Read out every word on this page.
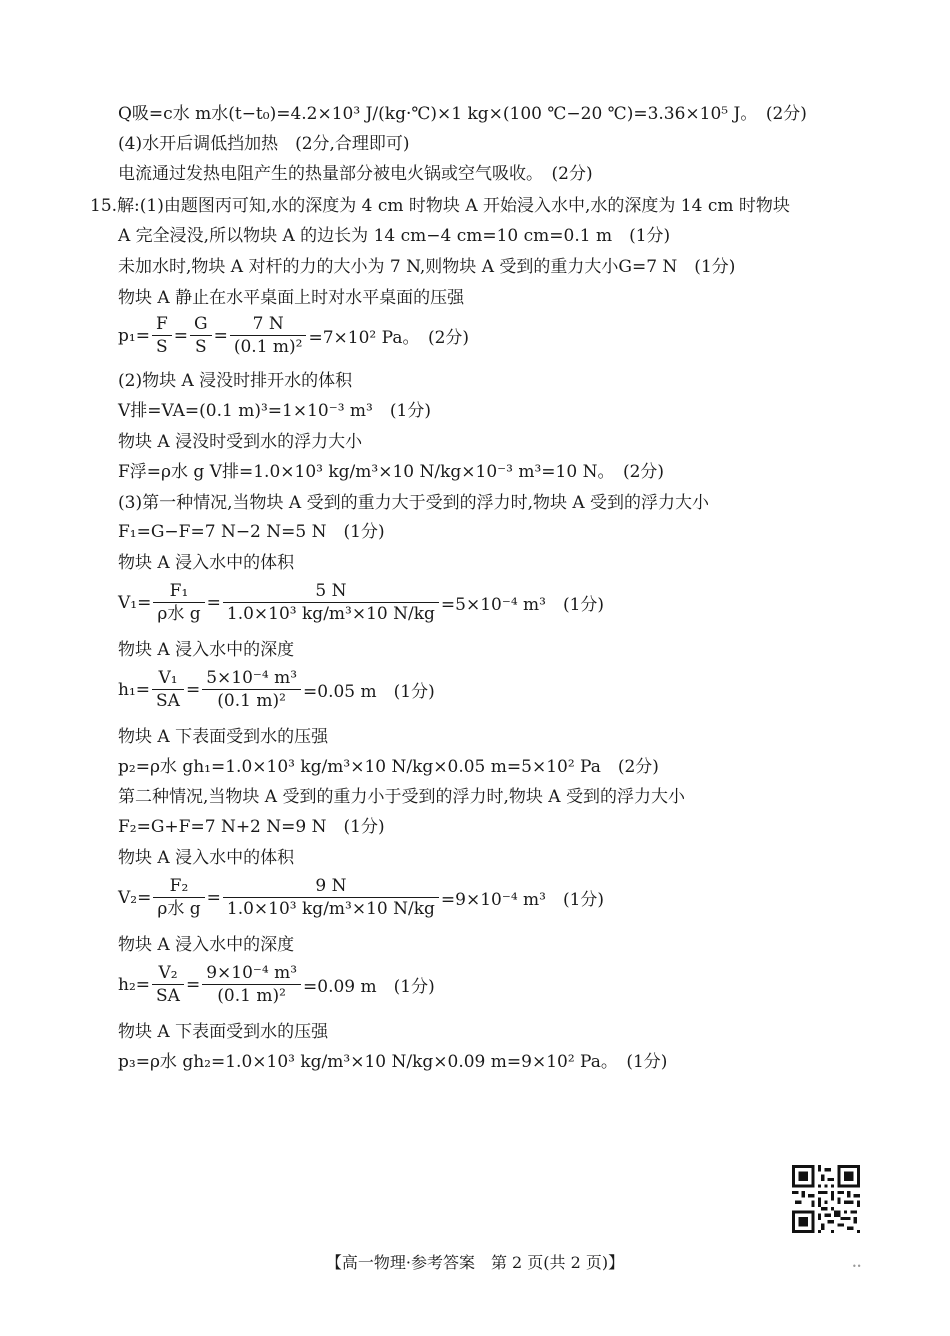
Q吸=c水 m水(t−t₀)=4.2×10³ J/(kg·℃)×1 kg×(100 ℃−20 ℃)=3.36×10⁵ J。　(2分)
(4)水开后调低挡加热　(2分,合理即可)
电流通过发热电阻产生的热量部分被电火锅或空气吸收。　(2分)
15.解:(1)由题图丙可知,水的深度为 4 cm 时物块 A 开始浸入水中,水的深度为 14 cm 时物块
A 完全浸没,所以物块 A 的边长为 14 cm−4 cm=10 cm=0.1 m　(1分)
未加水时,物块 A 对杆的力的大小为 7 N,则物块 A 受到的重力大小G=7 N　(1分)
物块 A 静止在水平桌面上时对水平桌面的压强
$p_1= \frac{F}{S} = \frac{G}{S} = \frac{7 N}{\text{(0.1 m)²}} =7\times 10^2$ Pa。　(2分)
(2)物块 A 浸没时排开水的体积
V排=VA=(0.1 m)³=1×10⁻³ m³　(1分)
物块 A 浸没时受到水的浮力大小
F浮=ρ水 g V排=1.0×10³ kg/m³×10 N/kg×10⁻³ m³=10 N。　(2分)
(3)第一种情况,当物块 A 受到的重力大于受到的浮力时,物块 A 受到的浮力大小
F₁=G−F=7 N−2 N=5 N　(1分)
物块 A 浸入水中的体积
$V_1= \frac{\text{F₁}}{\text{ρ水 g}} = \frac{5 N}{\text{1.0×10³ kg/m³×10 N/kg}} =5\times 10^{-4}$ m³　(1分)
物块 A 浸入水中的深度
$h_1= \frac{\text{V₁}}{SA} = \frac{\text{5×10⁻⁴ m³}}{\text{(0.1 m)²}} =0.05$ m　(1分)
物块 A 下表面受到水的压强
p₂=ρ水 gh₁=1.0×10³ kg/m³×10 N/kg×0.05 m=5×10² Pa　(2分)
第二种情况,当物块 A 受到的重力小于受到的浮力时,物块 A 受到的浮力大小
F₂=G+F=7 N+2 N=9 N　(1分)
物块 A 浸入水中的体积
$V_2= \frac{\text{F₂}}{\text{ρ水 g}} = \frac{9 N}{\text{1.0×10³ kg/m³×10 N/kg}} =9\times 10^{-4}$ m³　(1分)
物块 A 浸入水中的深度
$h_2= \frac{\text{V₂}}{SA} = \frac{\text{9×10⁻⁴ m³}}{\text{(0.1 m)²}} =0.09$ m　(1分)
物块 A 下表面受到水的压强
p₃=ρ水 gh₂=1.0×10³ kg/m³×10 N/kg×0.09 m=9×10² Pa。　(1分)
【高一物理·参考答案　第 2 页(共 2 页)】	••
